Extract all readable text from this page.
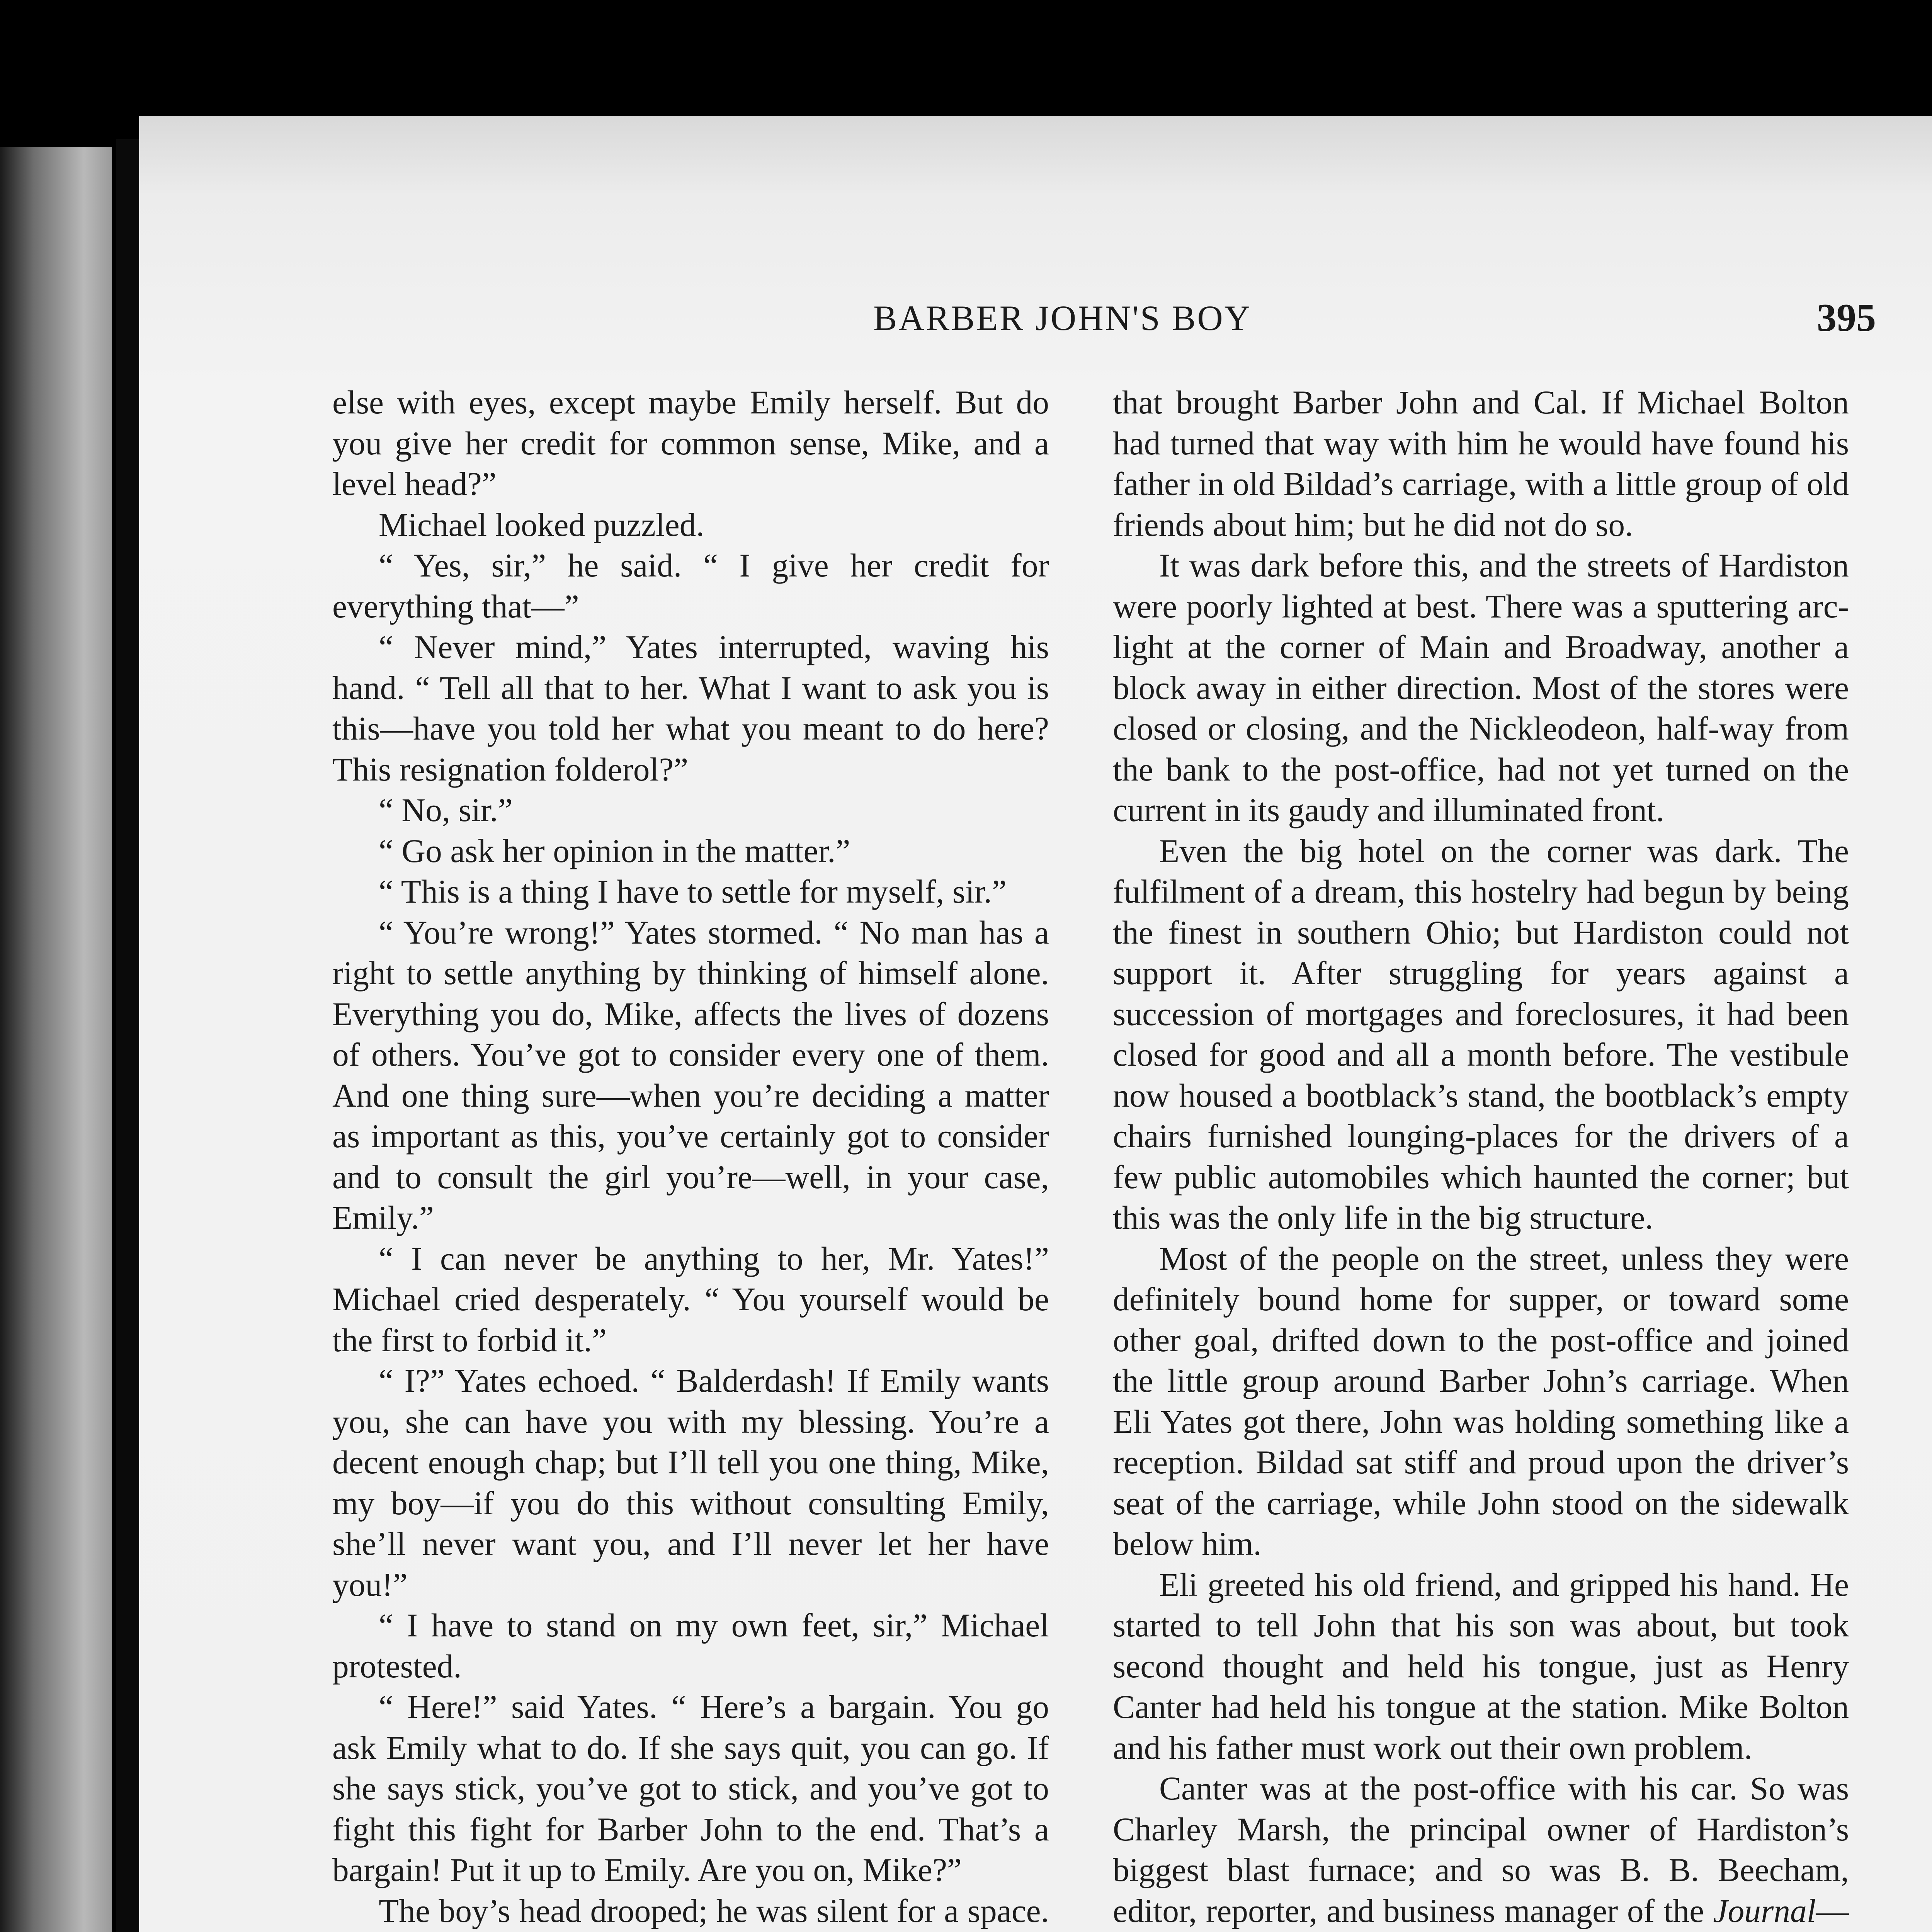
BARBER JOHN'S BOY	395

else with eyes, except maybe Emily herself. But do you give her credit for common sense, Mike, and a level head?”

Michael looked puzzled.

“ Yes, sir,” he said. “ I give her credit for everything that—”

“ Never mind,” Yates interrupted, waving his hand. “ Tell all that to her. What I want to ask you is this—have you told her what you meant to do here? This resignation folderol?”

“ No, sir.”

“ Go ask her opinion in the matter.”

“ This is a thing I have to settle for myself, sir.”

“ You’re wrong!” Yates stormed. “ No man has a right to settle anything by thinking of himself alone. Everything you do, Mike, affects the lives of dozens of others. You’ve got to consider every one of them. And one thing sure—when you’re deciding a matter as important as this, you’ve certainly got to consider and to consult the girl you’re—well, in your case, Emily.”

“ I can never be anything to her, Mr. Yates!” Michael cried desperately. “ You yourself would be the first to forbid it.”

“ I?” Yates echoed. “ Balderdash! If Emily wants you, she can have you with my blessing. You’re a decent enough chap; but I’ll tell you one thing, Mike, my boy—if you do this without consulting Emily, she’ll never want you, and I’ll never let her have you!”

“ I have to stand on my own feet, sir,” Michael protested.

“ Here!” said Yates. “ Here’s a bargain. You go ask Emily what to do. If she says quit, you can go. If she says stick, you’ve got to stick, and you’ve got to fight this fight for Barber John to the end. That’s a bargain! Put it up to Emily. Are you on, Mike?”

The boy’s head drooped; he was silent for a space.

that brought Barber John and Cal. If Michael Bolton had turned that way with him he would have found his father in old Bildad’s carriage, with a little group of old friends about him; but he did not do so.

It was dark before this, and the streets of Hardiston were poorly lighted at best. There was a sputtering arc-light at the corner of Main and Broadway, another a block away in either direction. Most of the stores were closed or closing, and the Nickleodeon, half-way from the bank to the post-office, had not yet turned on the current in its gaudy and illuminated front.

Even the big hotel on the corner was dark. The fulfilment of a dream, this hostelry had begun by being the finest in southern Ohio; but Hardiston could not support it. After struggling for years against a succession of mortgages and foreclosures, it had been closed for good and all a month before. The vestibule now housed a bootblack’s stand, the bootblack’s empty chairs furnished lounging-places for the drivers of a few public automobiles which haunted the corner; but this was the only life in the big structure.

Most of the people on the street, unless they were definitely bound home for supper, or toward some other goal, drifted down to the post-office and joined the little group around Barber John’s carriage. When Eli Yates got there, John was holding something like a reception. Bildad sat stiff and proud upon the driver’s seat of the carriage, while John stood on the sidewalk below him.

Eli greeted his old friend, and gripped his hand. He started to tell John that his son was about, but took second thought and held his tongue, just as Henry Canter had held his tongue at the station. Mike Bolton and his father must work out their own problem.

Canter was at the post-office with his car. So was Charley Marsh, the principal owner of Hardiston’s biggest blast furnace; and so was B. B. Beecham, editor, reporter, and business manager of the Journal—
